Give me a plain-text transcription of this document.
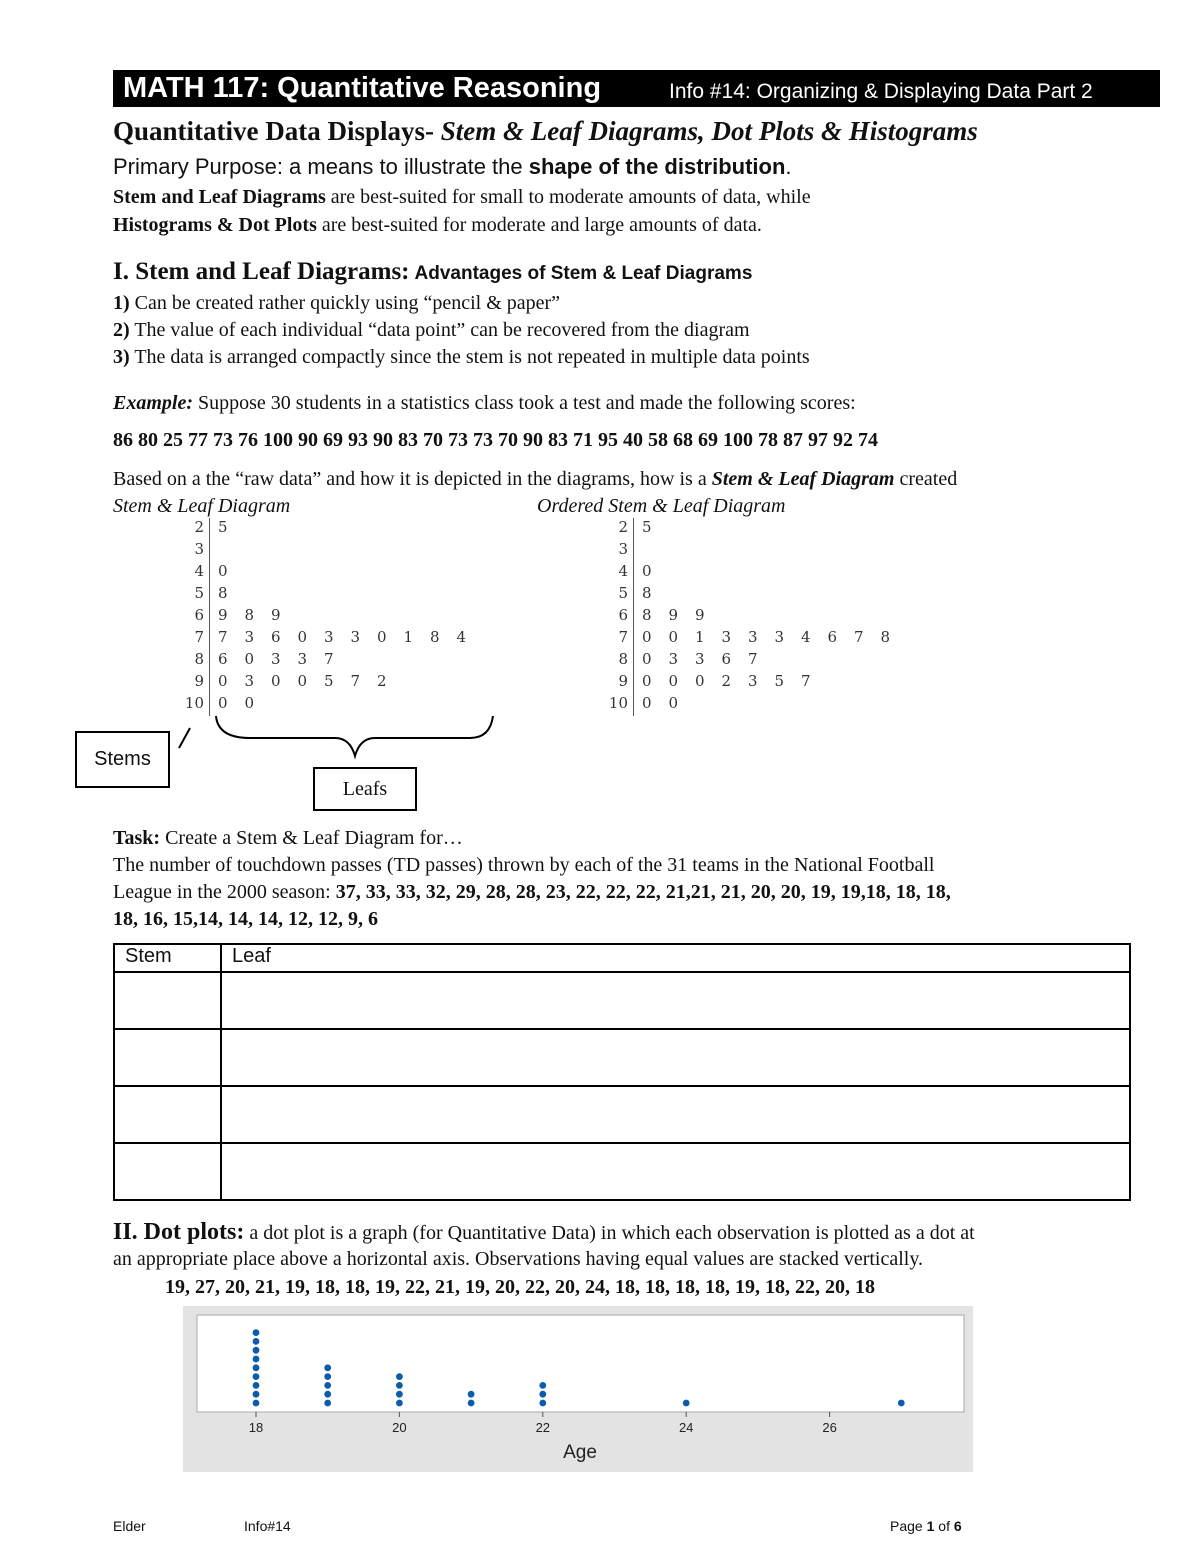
MATH 117: Quantitative Reasoning	Info #14: Organizing & Displaying Data Part 2
Quantitative Data Displays- Stem & Leaf Diagrams, Dot Plots & Histograms
Primary Purpose: a means to illustrate the shape of the distribution.
Stem and Leaf Diagrams are best-suited for small to moderate amounts of data, while
Histograms & Dot Plots are best-suited for moderate and large amounts of data.
I. Stem and Leaf Diagrams: Advantages of Stem & Leaf Diagrams
1) Can be created rather quickly using “pencil & paper”
2) The value of each individual “data point” can be recovered from the diagram
3) The data is arranged compactly since the stem is not repeated in multiple data points
Example: Suppose 30 students in a statistics class took a test and made the following scores:
86 80 25 77 73 76 100 90 69 93 90 83 70 73 73 70 90 83 71 95 40 58 68 69 100 78 87 97 92 74
Based on a the “raw data” and how it is depicted in the diagrams, how is a Stem & Leaf Diagram created
Stem & Leaf Diagram	Ordered Stem & Leaf Diagram
2 5
3
4 0
5 8
6 9 8 9
7 7 3 6 0 3 3 0 1 8 4
8 6 0 3 3 7
9 0 3 0 0 5 7 2
10 0 0
2 5
3
4 0
5 8
6 8 9 9
7 0 0 1 3 3 3 4 6 7 8
8 0 3 3 6 7
9 0 0 0 2 3 5 7
10 0 0
Stems
Leafs
Task: Create a Stem & Leaf Diagram for…
The number of touchdown passes (TD passes) thrown by each of the 31 teams in the National Football
League in the 2000 season: 37, 33, 33, 32, 29, 28, 28, 23, 22, 22, 22, 21,21, 21, 20, 20, 19, 19,18, 18, 18,
18, 16, 15,14, 14, 14, 12, 12, 9, 6
Stem	Leaf

II. Dot plots: a dot plot is a graph (for Quantitative Data) in which each observation is plotted as a dot at
an appropriate place above a horizontal axis. Observations having equal values are stacked vertically.
19, 27, 20, 21, 19, 18, 18, 19, 22, 21, 19, 20, 22, 20, 24, 18, 18, 18, 18, 19, 18, 22, 20, 18
18	20	22	24	26
Age
Elder	Info#14	Page 1 of 6
